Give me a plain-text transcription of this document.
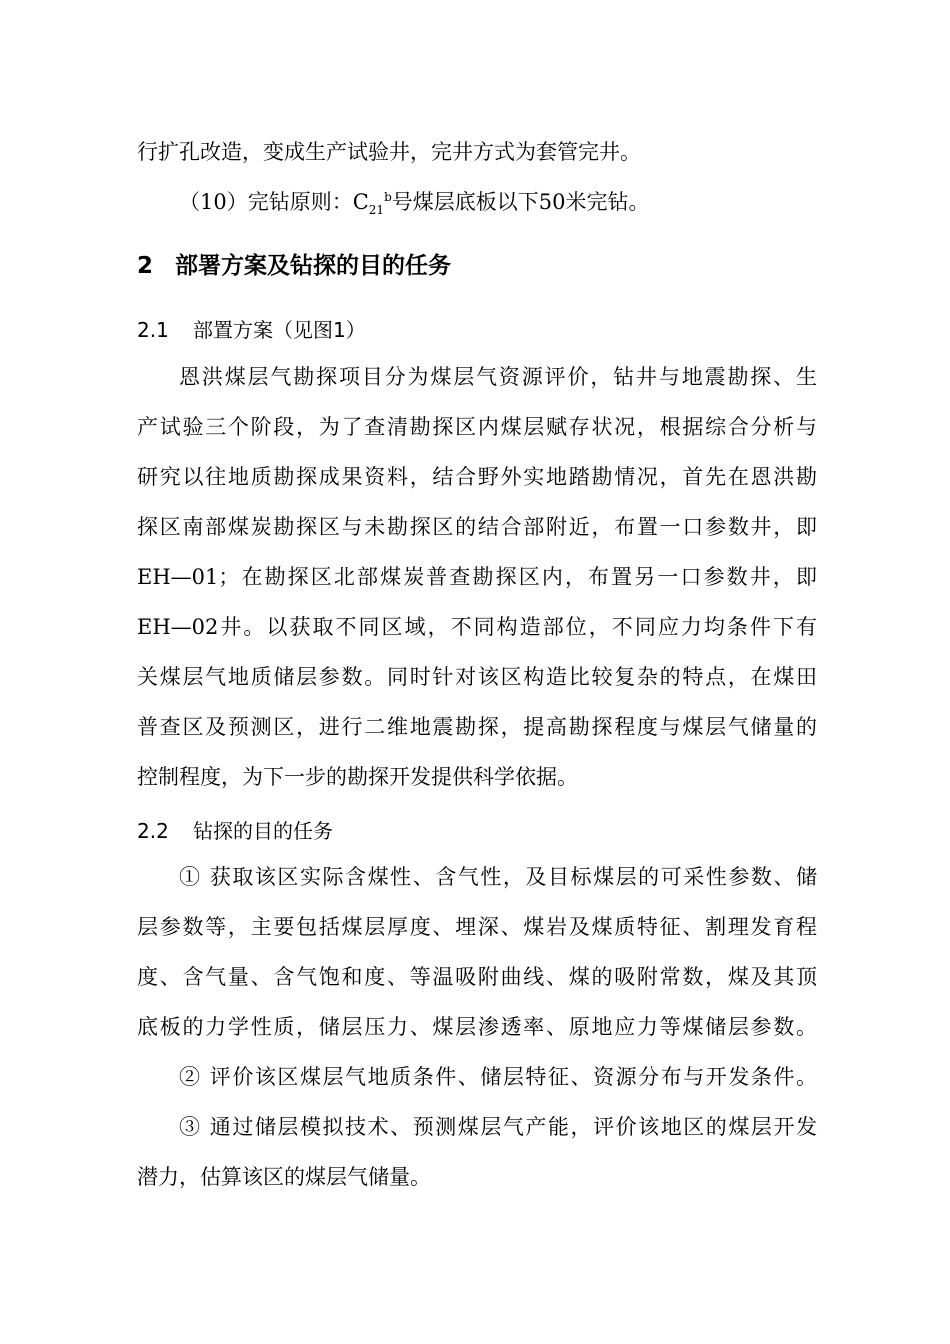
行扩孔改造，变成生产试验井，完井方式为套管完井。
（10）完钻原则：$C_{21}^b$号煤层底板以下50米完钻。
2 部署方案及钻探的目的任务
2.1 部置方案（见图1）
恩洪煤层气勘探项目分为煤层气资源评价，钻井与地震勘探、生
产试验三个阶段，为了查清勘探区内煤层赋存状况，根据综合分析与
研究以往地质勘探成果资料，结合野外实地踏勘情况，首先在恩洪勘
探区南部煤炭勘探区与未勘探区的结合部附近，布置一口参数井，即
EH—01；在勘探区北部煤炭普查勘探区内，布置另一口参数井，即
EH—02井。以获取不同区域，不同构造部位，不同应力均条件下有
关煤层气地质储层参数。同时针对该区构造比较复杂的特点，在煤田
普查区及预测区，进行二维地震勘探，提高勘探程度与煤层气储量的
控制程度，为下一步的勘探开发提供科学依据。
2.2 钻探的目的任务
① 获取该区实际含煤性、含气性，及目标煤层的可采性参数、储
层参数等，主要包括煤层厚度、埋深、煤岩及煤质特征、割理发育程
度、含气量、含气饱和度、等温吸附曲线、煤的吸附常数，煤及其顶
底板的力学性质，储层压力、煤层渗透率、原地应力等煤储层参数。
② 评价该区煤层气地质条件、储层特征、资源分布与开发条件。
③ 通过储层模拟技术、预测煤层气产能，评价该地区的煤层开发
潜力，估算该区的煤层气储量。
